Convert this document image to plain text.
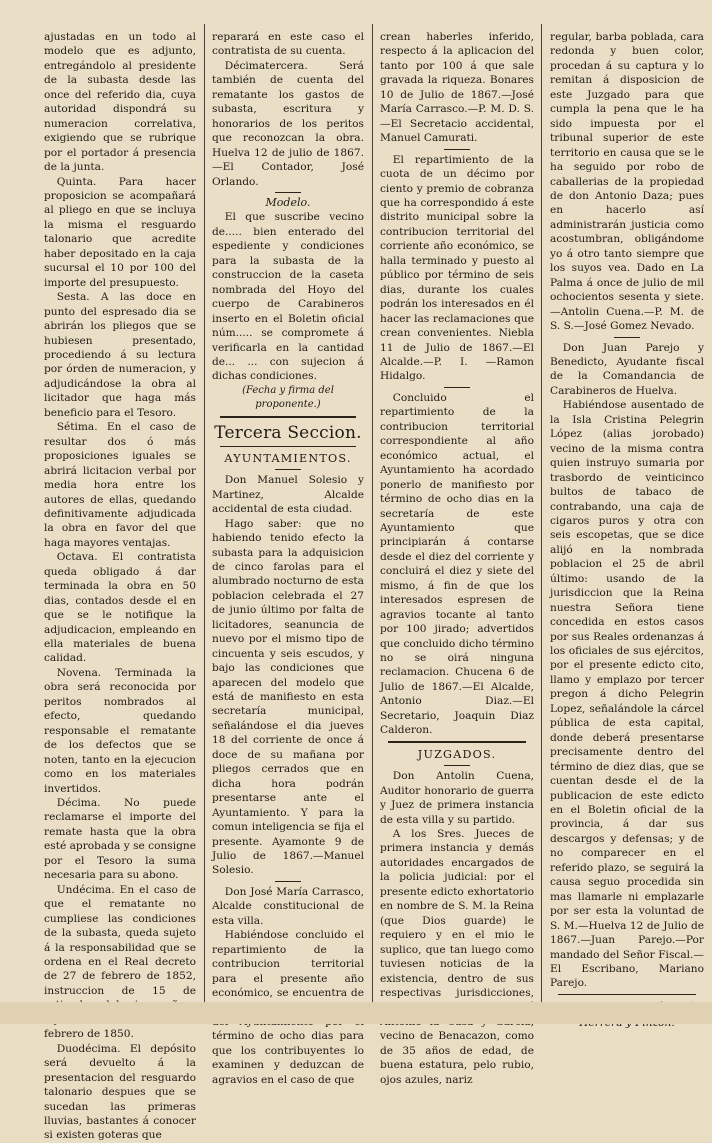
ajustadas en un todo al modelo que es adjunto, entregándolo al presidente de la subasta desde las once del referido dia, cuya autoridad dispondrá su numeracion correlativa, exigiendo que se rubrique por el portador á presencia de la junta.

Quinta. Para hacer proposicion se acompañará al pliego en que se incluya la misma el resguardo talonario que acredite haber depositado en la caja sucursal el 10 por 100 del importe del presupuesto.

Sesta. A las doce en punto del espresado dia se abrirán los pliegos que se hubiesen presentado, procediendo á su lectura por órden de numeracion, y adjudicándose la obra al licitador que haga más beneficio para el Tesoro.

Sétima. En el caso de resultar dos ó más proposiciones iguales se abrirá licitacion verbal por media hora entre los autores de ellas, quedando definitivamente adjudicada la obra en favor del que haga mayores ventajas.

Octava. El contratista queda obligado á dar terminada la obra en 50 dias, contados desde el en que se le notifique la adjudicacion, empleando en ella materiales de buena calidad.

Novena. Terminada la obra será reconocida por peritos nombrados al efecto, quedando responsable el rematante de los defectos que se noten, tanto en la ejecucion como en los materiales invertidos.

Décima. No puede reclamarse el importe del remate hasta que la obra esté aprobada y se consigne por el Tesoro la suma necesaria para su abono.

Undécima. En el caso de que el rematante no cumpliese las condiciones de la subasta, queda sujeto á la responsabilidad que se ordena en el Real decreto de 27 de febrero de 1852, instruccion de 15 de febrero de 1850.

Duodécima. El depósito será devuelto á la presentacion del resguardo talonario despues que se sucedan las primeras lluvias, bastantes á conocer si existen goteras que

reparará en este caso el contratista de su cuenta.

Décimatercera. Será también de cuenta del rematante los gastos de subasta, escritura y honorarios de los peritos que reconozcan la obra. Huelva 12 de julio de 1867. —El Contador, José Orlando.

Modelo.

El que suscribe vecino de..... bien enterado del espediente y condiciones para la subasta de la construccion de la caseta nombrada del Hoyo del cuerpo de Carabineros inserto en el Boletin oficial núm..... se compromete á verificarla en la cantidad de... ... con sujecion á dichas condiciones.

(Fecha y firma del proponente.)

Tercera Seccion.
AYUNTAMIENTOS.

Don Manuel Solesio y Martinez, Alcalde accidental de esta ciudad.

Hago saber: que no habiendo tenido efecto la subasta para la adquisicion de cinco farolas para el alumbrado nocturno de esta poblacion celebrada el 27 de junio último por falta de licitadores, seanuncia de nuevo por el mismo tipo de cincuenta y seis escudos, y bajo las condiciones que aparecen del modelo que está de manifiesto en esta secretaría municipal, señalándose el dia jueves 18 del corriente de once á doce de su mañana por pliegos cerrados que en dicha hora podrán presentarse ante el Ayuntamiento. Y para la comun inteligencia se fija el presente. Ayamonte 9 de Julio de 1867.—Manuel Solesio.

Don José María Carrasco, Alcalde constitucional de esta villa.

Habiéndose concluido el repartimiento de la contribucion territorial para el presente año económico, se encuentra de término de ocho dias para que los contribuyentes lo examinen y deduzcan de agravios en el caso de que

crean haberles inferido, respecto á la aplicacion del tanto por 100 á que sale gravada la riqueza. Bonares 10 de Julio de 1867.—José María Carrasco.—P. M. D. S.—El Secretacio accidental, Manuel Camurati.

El repartimiento de la cuota de un décimo por ciento y premio de cobranza que ha correspondido á este distrito municipal sobre la contribucion territorial del corriente año económico, se halla terminado y puesto al público por término de seis dias, durante los cuales podrán los interesados en él hacer las reclamaciones que crean convenientes. Niebla 11 de Julio de 1867.—El Alcalde.—P. I. —Ramon Hidalgo.

Concluido el repartimiento de la contribucion territorial correspondiente al año económico actual, el Ayuntamiento ha acordado ponerlo de manifiesto por término de ocho dias en la secretaría de este Ayuntamiento que principiarán á contarse desde el diez del corriente y concluirá el diez y siete del mismo, á fin de que los interesados espresen de agravios tocante al tanto por 100 jirado; advertidos que concluido dicho término no se oirá ninguna reclamacion. Chucena 6 de Julio de 1867.—El Alcalde, Antonio Diaz.—El Secretario, Joaquin Diaz Calderon.

JUZGADOS.

Don Antolin Cuena, Auditor honorario de guerra y Juez de primera instancia de esta villa y su partido.

A los Sres. Jueces de primera instancia y demás autoridades encargados de la policia judicial: por el presente edicto exhortatorio en nombre de S. M. la Reina (que Dios guarde) le requiero y en el mio le suplico, que tan luego como tuviesen noticias de la existencia, dentro de sus respectivas jurisdicciones, vecino de Benacazon, como de 35 años de edad, de buena estatura, pelo rubio, ojos azules, nariz

regular, barba poblada, cara redonda y buen color, procedan á su captura y lo remitan á disposicion de este Juzgado para que cumpla la pena que le ha sido impuesta por el tribunal superior de este territorio en causa que se le ha seguido por robo de caballerias de la propiedad de don Antonio Daza; pues en hacerlo así administrarán justicia como acostumbran, obligándome yo á otro tanto siempre que los suyos vea. Dado en La Palma á once de julio de mil ochocientos sesenta y siete.—Antolin Cuena.—P. M. de S. S.—José Gomez Nevado.

Don Juan Parejo y Benedicto, Ayudante fiscal de la Comandancia de Carabineros de Huelva.

Habiéndose ausentado de la Isla Cristina Pelegrin López (alias jorobado) vecino de la misma contra quien instruyo sumaria por trasbordo de veinticinco bultos de tabaco de contrabando, una caja de cigaros puros y otra con seis escopetas, que se dice alijó en la nombrada poblacion el 25 de abril último: usando de la jurisdiccion que la Reina nuestra Señora tiene concedida en estos casos por sus Reales ordenanzas á los oficiales de sus ejércitos, por el presente edicto cito, llamo y emplazo por tercer pregon á dicho Pelegrin Lopez, señalándole la cárcel pública de esta capital, donde deberá presentarse precisamente dentro del término de diez dias, que se cuentan desde el de la publicacion de este edicto en el Boletin oficial de la provincia, á dar sus descargos y defensas; y de no comparecer en el referido plazo, se seguirá la causa seguo procedida sin mas llamarle ni emplazarle por ser esta la voluntad de S. M.—Huelva 12 de Julio de 1867.—Juan Parejo.—Por mandado del Señor Fiscal.—El Escribano, Mariano Parejo.
